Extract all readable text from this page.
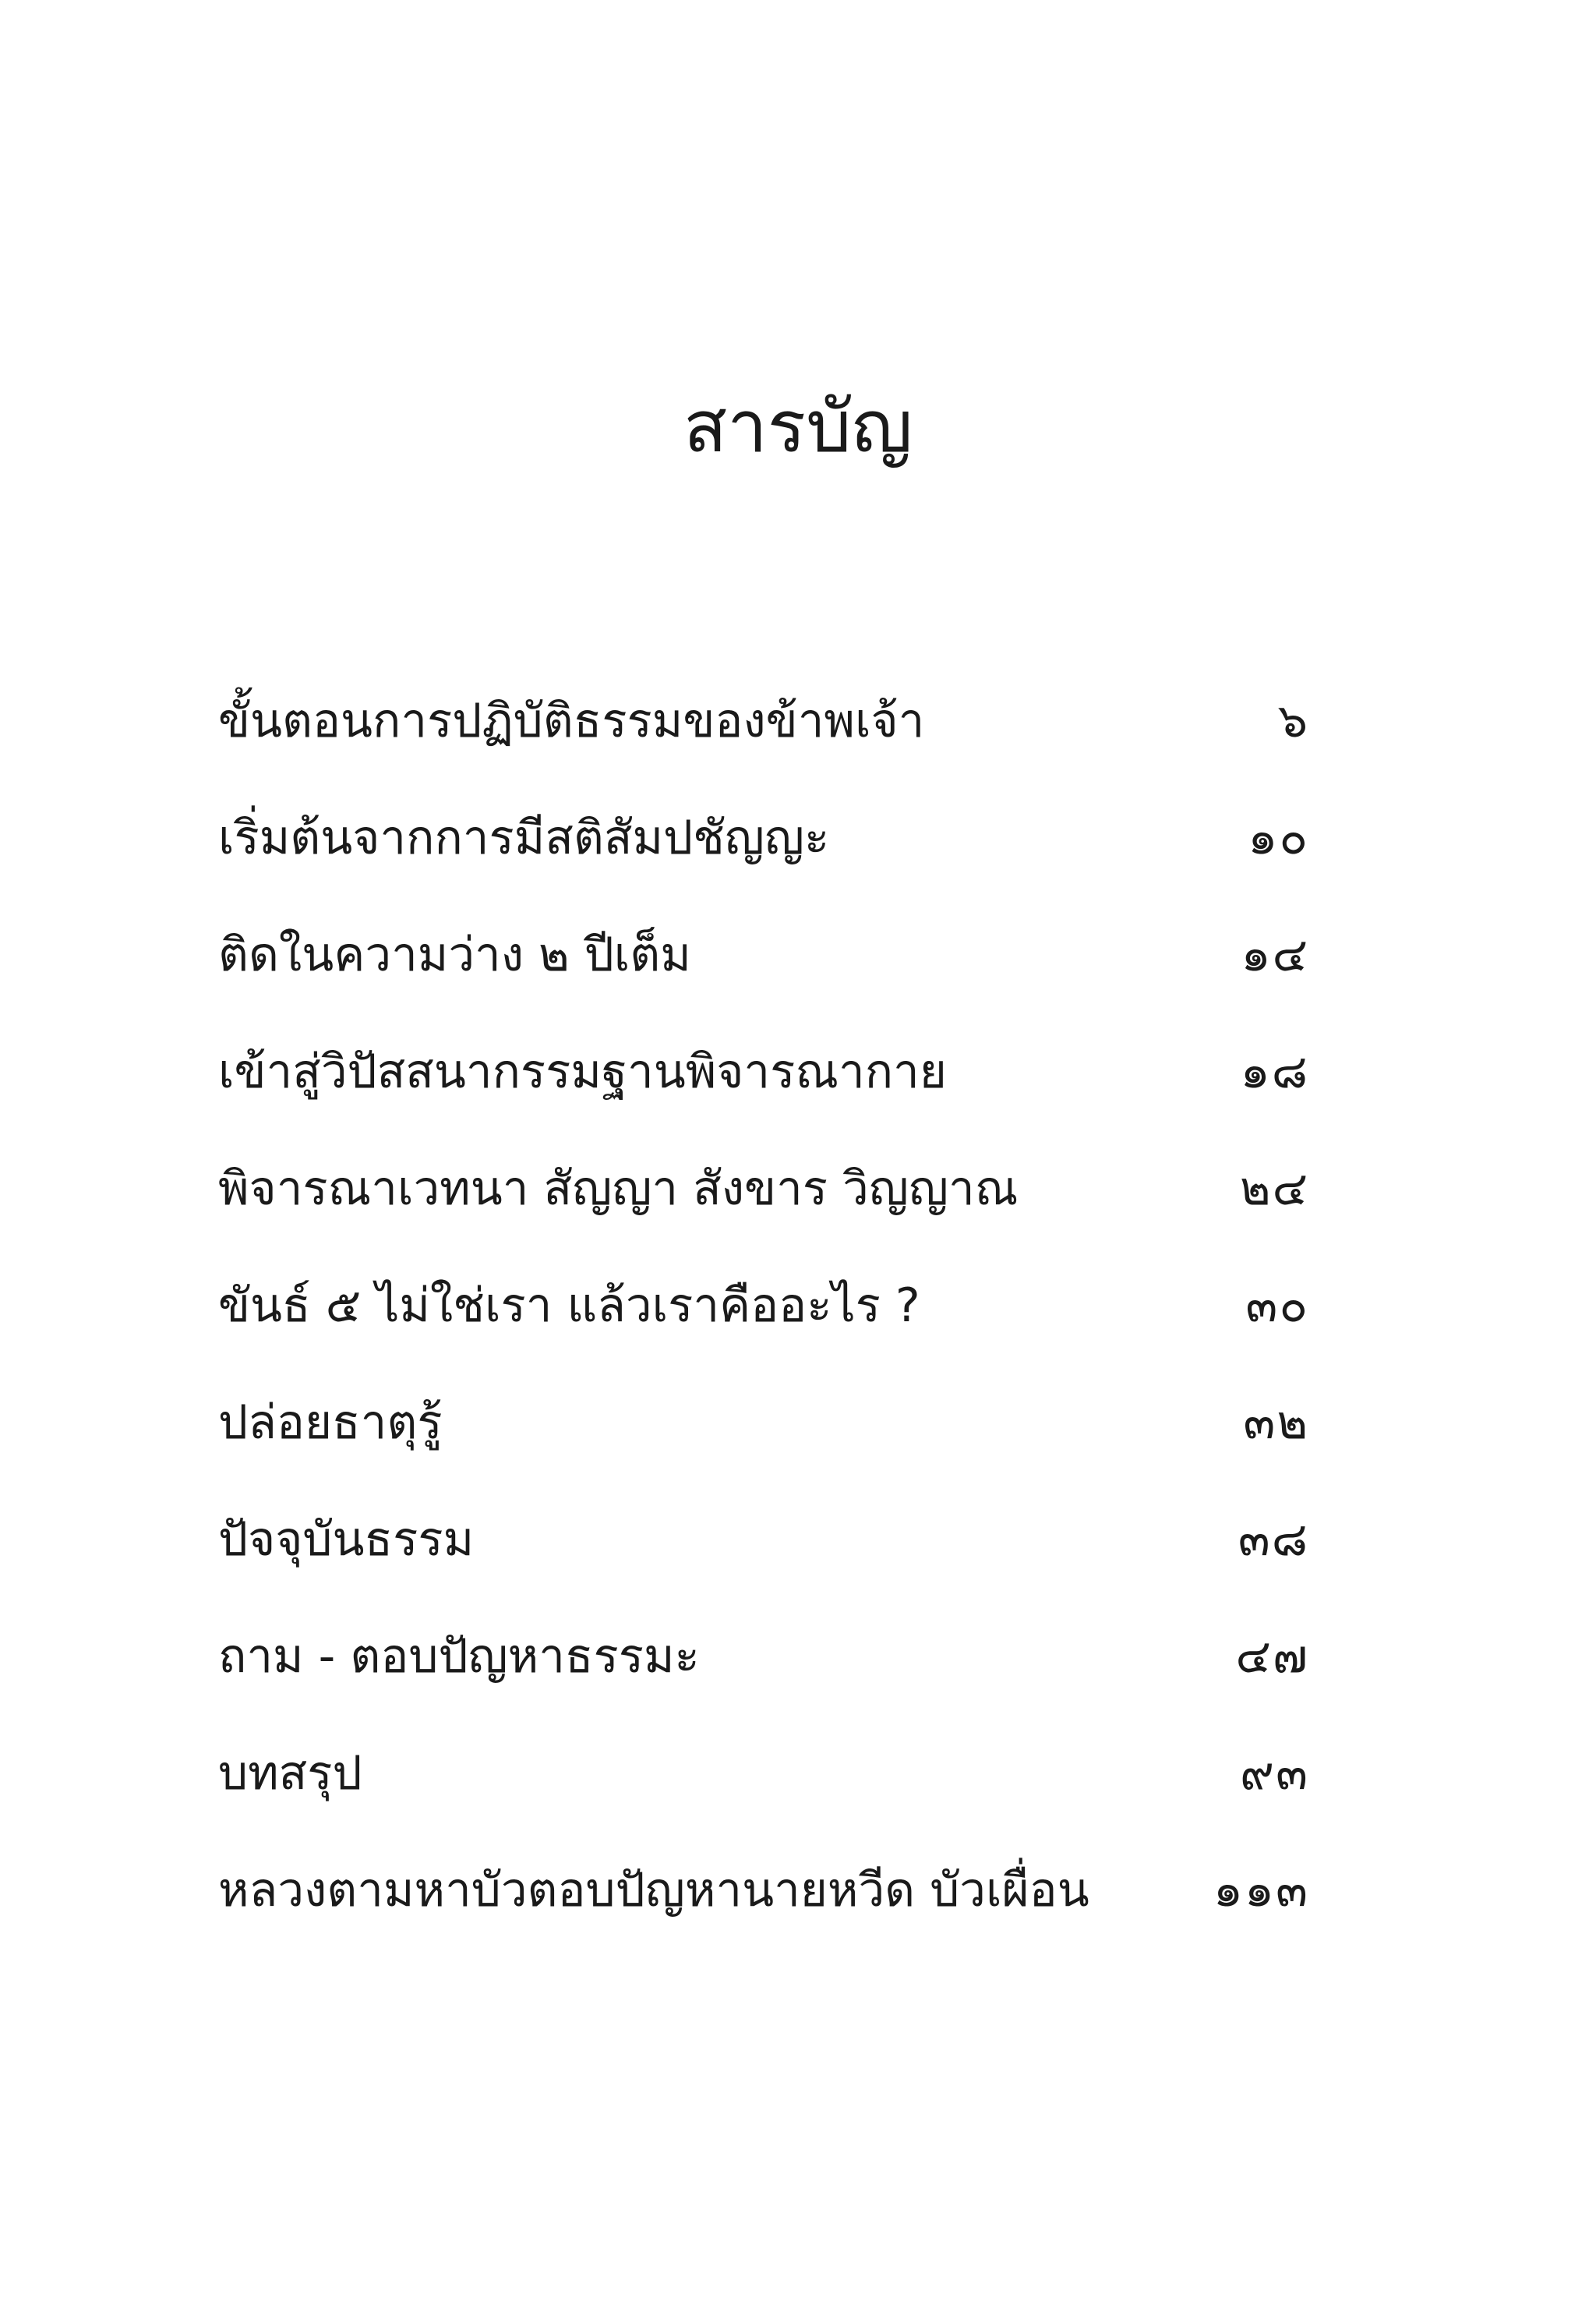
สารบัญ
ขั้นตอนการปฏิบัติธรรมของข้าพเจ้า	๖
เริ่มต้นจากการมีสติสัมปชัญญะ	๑๐
ติดในความว่าง ๒ ปีเต็ม	๑๔
เข้าสู่วิปัสสนากรรมฐานพิจารณากาย	๑๘
พิจารณาเวทนา สัญญา สังขาร วิญญาณ	๒๔
ขันธ์ ๕ ไม่ใช่เรา แล้วเราคืออะไร ?	๓๐
ปล่อยธาตุรู้	๓๒
ปัจจุบันธรรม	๓๘
ถาม - ตอบปัญหาธรรมะ	๔๗
บทสรุป	๙๓
หลวงตามหาบัวตอบปัญหานายหวีด บัวเผื่อน	๑๑๓
